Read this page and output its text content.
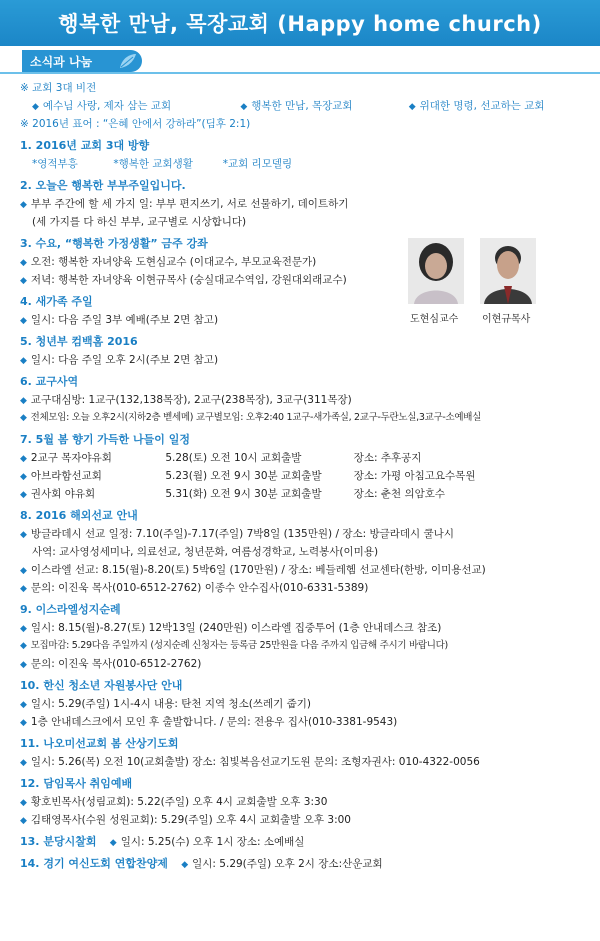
행복한 만남, 목장교회 (Happy home church)
소식과 나눔
※ 교회 3대 비전
◆ 예수님 사랑, 제자 삼는 교회	◆ 행복한 만남, 목장교회	◆ 위대한 명령, 선교하는 교회
※ 2016년 표어 : “은혜 안에서 강하라”(딤후 2:1)
1. 2016년 교회 3대 방향
*영적부흥	*행복한 교회생활	*교회 리모델링
2. 오늘은 행복한 부부주일입니다.
◆ 부부 주간에 할 세 가지 일: 부부 편지쓰기, 서로 선물하기, 데이트하기
(세 가지를 다 하신 부부, 교구별로 시상합니다)
3. 수요, “행복한 가정생활” 금주 강좌
◆ 오전: 행복한 자녀양육 도현심교수 (이대교수, 부모교육전문가)
◆ 저녁: 행복한 자녀양육 이현규목사 (숭실대교수역임, 강원대외래교수)
4. 새가족 주일
◆ 일시: 다음 주일 3부 예배(주보 2면 참고)
5. 청년부 컴백홈 2016
◆ 일시: 다음 주일 오후 2시(주보 2면 참고)
6. 교구사역
◆ 교구대심방: 1교구(132,138목장), 2교구(238목장), 3교구(311목장)
◆ 전체모임: 오늘 오후2시(지하2층 벧세메) 교구별모임: 오후2:40 1교구-새가족실, 2교구-두란노실,3교구-소예배실
7. 5월 봄 향기 가득한 나들이 일정
◆ 2교구 목자야유회	5.28(토) 오전 10시 교회출발	장소: 추후공지
◆ 아브라함선교회	5.23(월) 오전 9시 30분 교회출발	장소: 가평 아침고요수목원
◆ 권사회 야유회	5.31(화) 오전 9시 30분 교회출발	장소: 춘천 의암호수
8. 2016 해외선교 안내
◆ 방글라데시 선교 일정: 7.10(주일)-7.17(주일) 7박8일 (135만원) / 장소: 방글라데시 쿨나시
사역: 교사영성세미나, 의료선교, 청년문화, 여름성경학교, 노력봉사(이미용)
◆ 이스라엘 선교: 8.15(월)-8.20(토) 5박6일 (170만원) / 장소: 베들레헴 선교센타(한방, 이미용선교)
◆ 문의: 이진욱 목사(010-6512-2762) 이종수 안수집사(010-6331-5389)
9. 이스라엘성지순례
◆ 일시: 8.15(월)-8.27(토) 12박13일 (240만원) 이스라엘 집중투어 (1층 안내데스크 참조)
◆ 모집마감: 5.29다음 주일까지 (성지순례 신청자는 등록금 25만원을 다음 주까지 입금해 주시기 바랍니다)
◆ 문의: 이진욱 목사(010-6512-2762)
10. 한신 청소년 자원봉사단 안내
◆ 일시: 5.29(주일) 1시-4시 내용: 탄천 지역 청소(쓰레기 줍기)
◆ 1층 안내데스크에서 모인 후 출발합니다. / 문의: 전용우 집사(010-3381-9543)
11. 나오미선교회 봄 산상기도회
◆ 일시: 5.26(목) 오전 10(교회출발) 장소: 침빛복음선교기도원 문의: 조형자권사: 010-4322-0056
12. 담임목사 취임예배
◆ 황호빈목사(성림교회): 5.22(주일) 오후 4시 교회출발 오후 3:30
◆ 김태영목사(수원 성원교회): 5.29(주일) 오후 4시 교회출발 오후 3:00
13. 분당시찰회 ◆ 일시: 5.25(수) 오후 1시 장소: 소예배실
14. 경기 여신도회 연합찬양제 ◆ 일시: 5.29(주일) 오후 2시 장소:산운교회
도현심교수 이현규목사
